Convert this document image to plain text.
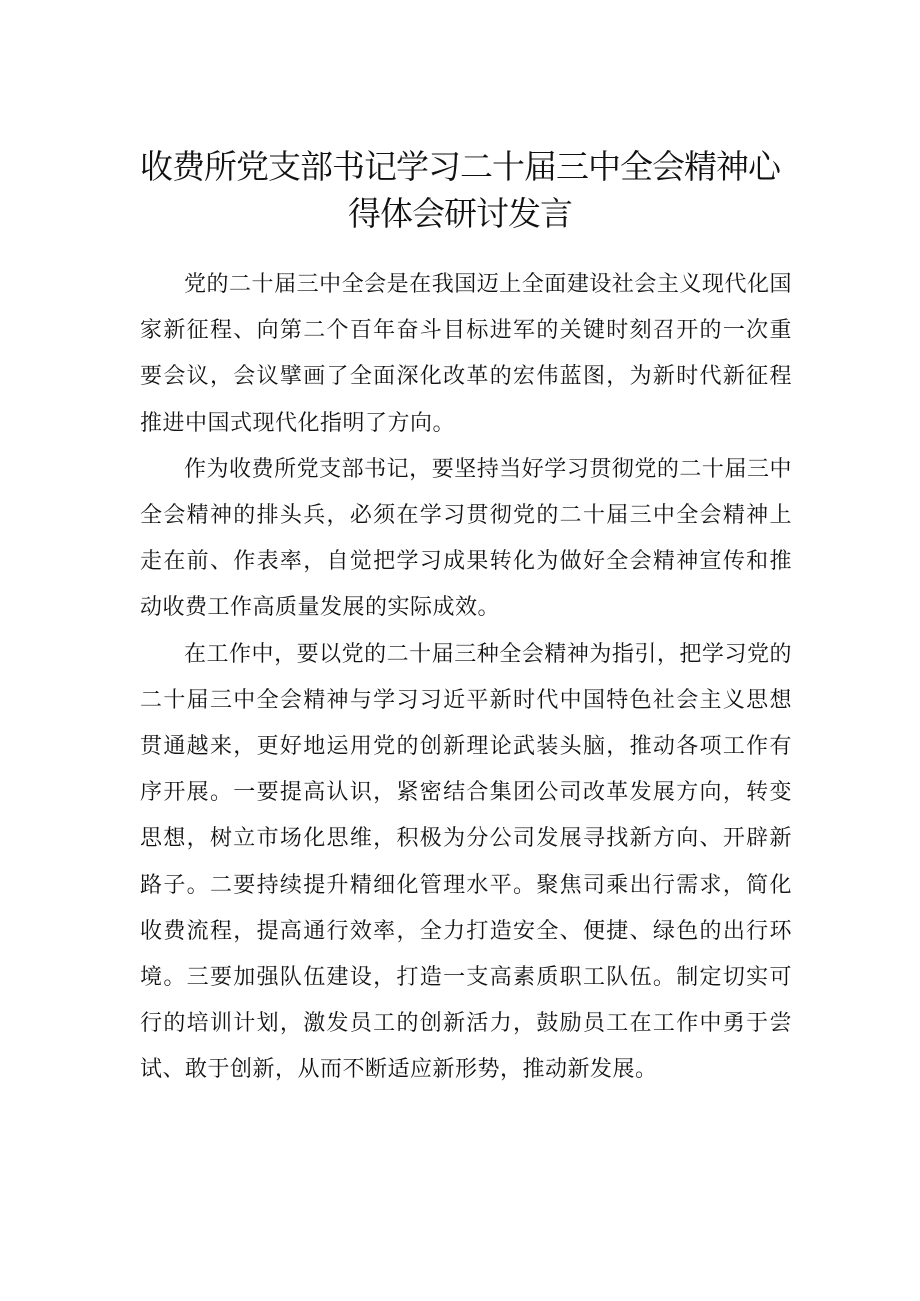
收费所党支部书记学习二十届三中全会精神心得体会研讨发言

党的二十届三中全会是在我国迈上全面建设社会主义现代化国家新征程、向第二个百年奋斗目标进军的关键时刻召开的一次重要会议，会议擘画了全面深化改革的宏伟蓝图，为新时代新征程推进中国式现代化指明了方向。

作为收费所党支部书记，要坚持当好学习贯彻党的二十届三中全会精神的排头兵，必须在学习贯彻党的二十届三中全会精神上走在前、作表率，自觉把学习成果转化为做好全会精神宣传和推动收费工作高质量发展的实际成效。

在工作中，要以党的二十届三种全会精神为指引，把学习党的二十届三中全会精神与学习习近平新时代中国特色社会主义思想贯通越来，更好地运用党的创新理论武装头脑，推动各项工作有序开展。一要提高认识，紧密结合集团公司改革发展方向，转变思想，树立市场化思维，积极为分公司发展寻找新方向、开辟新路子。二要持续提升精细化管理水平。聚焦司乘出行需求，简化收费流程，提高通行效率，全力打造安全、便捷、绿色的出行环境。三要加强队伍建设，打造一支高素质职工队伍。制定切实可行的培训计划，激发员工的创新活力，鼓励员工在工作中勇于尝试、敢于创新，从而不断适应新形势，推动新发展。
